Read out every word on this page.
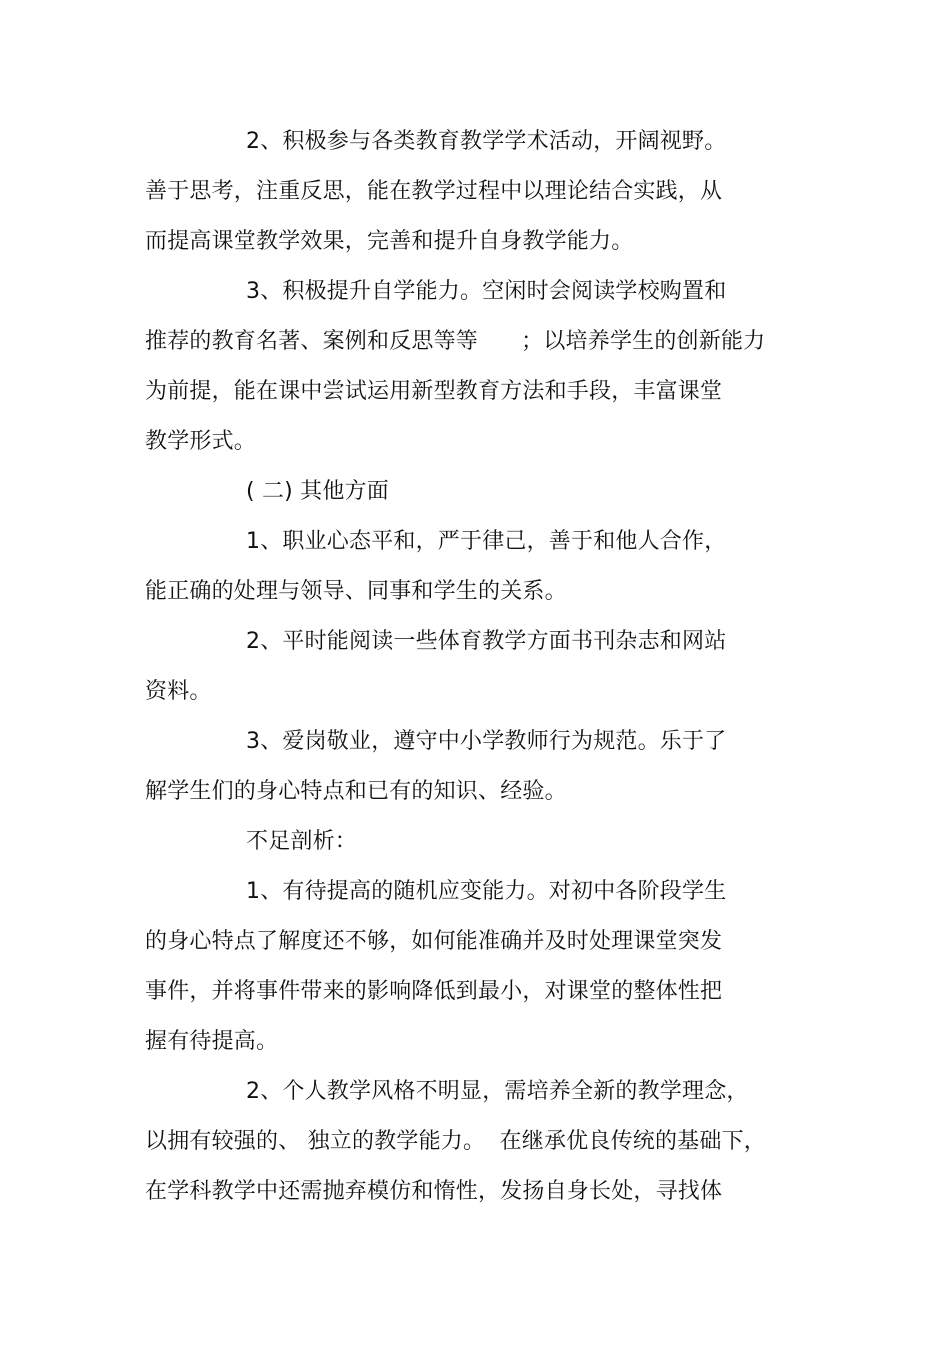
2、积极参与各类教育教学学术活动，开阔视野。
善于思考，注重反思，能在教学过程中以理论结合实践，从
而提高课堂教学效果，完善和提升自身教学能力。
3、积极提升自学能力。空闲时会阅读学校购置和
推荐的教育名著、案例和反思等等      ；以培养学生的创新能力
为前提，能在课中尝试运用新型教育方法和手段，丰富课堂
教学形式。
( 二) 其他方面
1、职业心态平和，严于律己，善于和他人合作，
能正确的处理与领导、同事和学生的关系。
2、平时能阅读一些体育教学方面书刊杂志和网站
资料。
3、爱岗敬业，遵守中小学教师行为规范。乐于了
解学生们的身心特点和已有的知识、经验。
不足剖析：
1、有待提高的随机应变能力。对初中各阶段学生
的身心特点了解度还不够，如何能准确并及时处理课堂突发
事件，并将事件带来的影响降低到最小，对课堂的整体性把
握有待提高。
2、个人教学风格不明显，需培养全新的教学理念，
以拥有较强的、 独立的教学能力。  在继承优良传统的基础下，
在学科教学中还需抛弃模仿和惰性，发扬自身长处，寻找体
